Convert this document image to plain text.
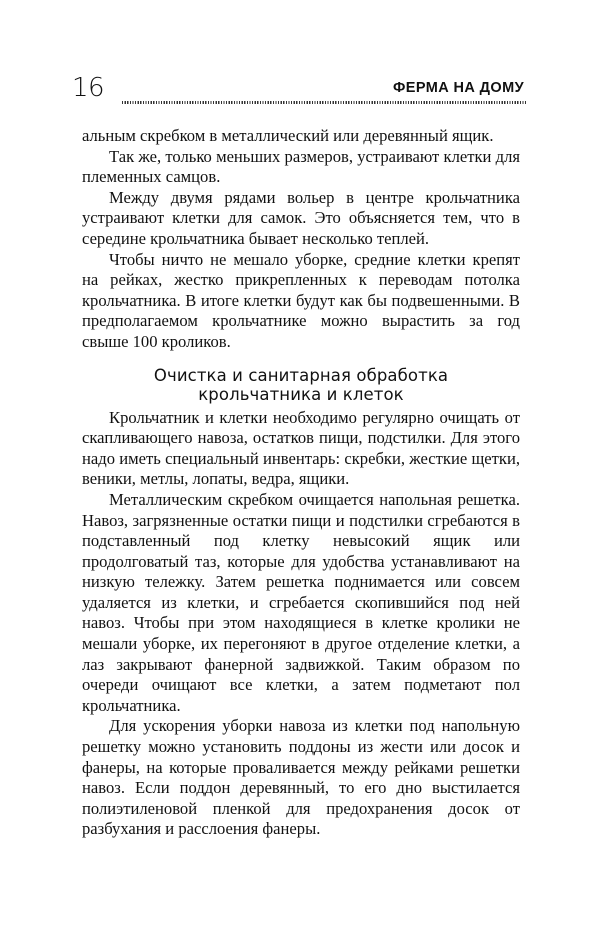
16	ФЕРМА НА ДОМУ

альным скребком в металлический или деревянный ящик.

Так же, только меньших размеров, устраивают клетки для племенных самцов.

Между двумя рядами вольер в центре крольчатника устраивают клетки для самок. Это объясняется тем, что в середине крольчатника бывает несколько теплей.

Чтобы ничто не мешало уборке, средние клетки крепят на рейках, жестко прикрепленных к переводам потолка крольчатника. В итоге клетки будут как бы подвешенными. В предполагаемом крольчатнике можно вырастить за год свыше 100 кроликов.

Очистка и санитарная обработка
крольчатника и клеток

Крольчатник и клетки необходимо регулярно очищать от скапливающего навоза, остатков пищи, подстилки. Для этого надо иметь специальный инвентарь: скребки, жесткие щетки, веники, метлы, лопаты, ведра, ящики.

Металлическим скребком очищается напольная решетка. Навоз, загрязненные остатки пищи и подстилки сгребаются в подставленный под клетку невысокий ящик или продолговатый таз, которые для удобства устанавливают на низкую тележку. Затем решетка поднимается или совсем удаляется из клетки, и сгребается скопившийся под ней навоз. Чтобы при этом находящиеся в клетке кролики не мешали уборке, их перегоняют в другое отделение клетки, а лаз закрывают фанерной задвижкой. Таким образом по очереди очищают все клетки, а затем подметают пол крольчатника.

Для ускорения уборки навоза из клетки под напольную решетку можно установить поддоны из жести или досок и фанеры, на которые проваливается между рейками решетки навоз. Если поддон деревянный, то его дно выстилается полиэтиленовой пленкой для предохранения досок от разбухания и расслоения фанеры.
